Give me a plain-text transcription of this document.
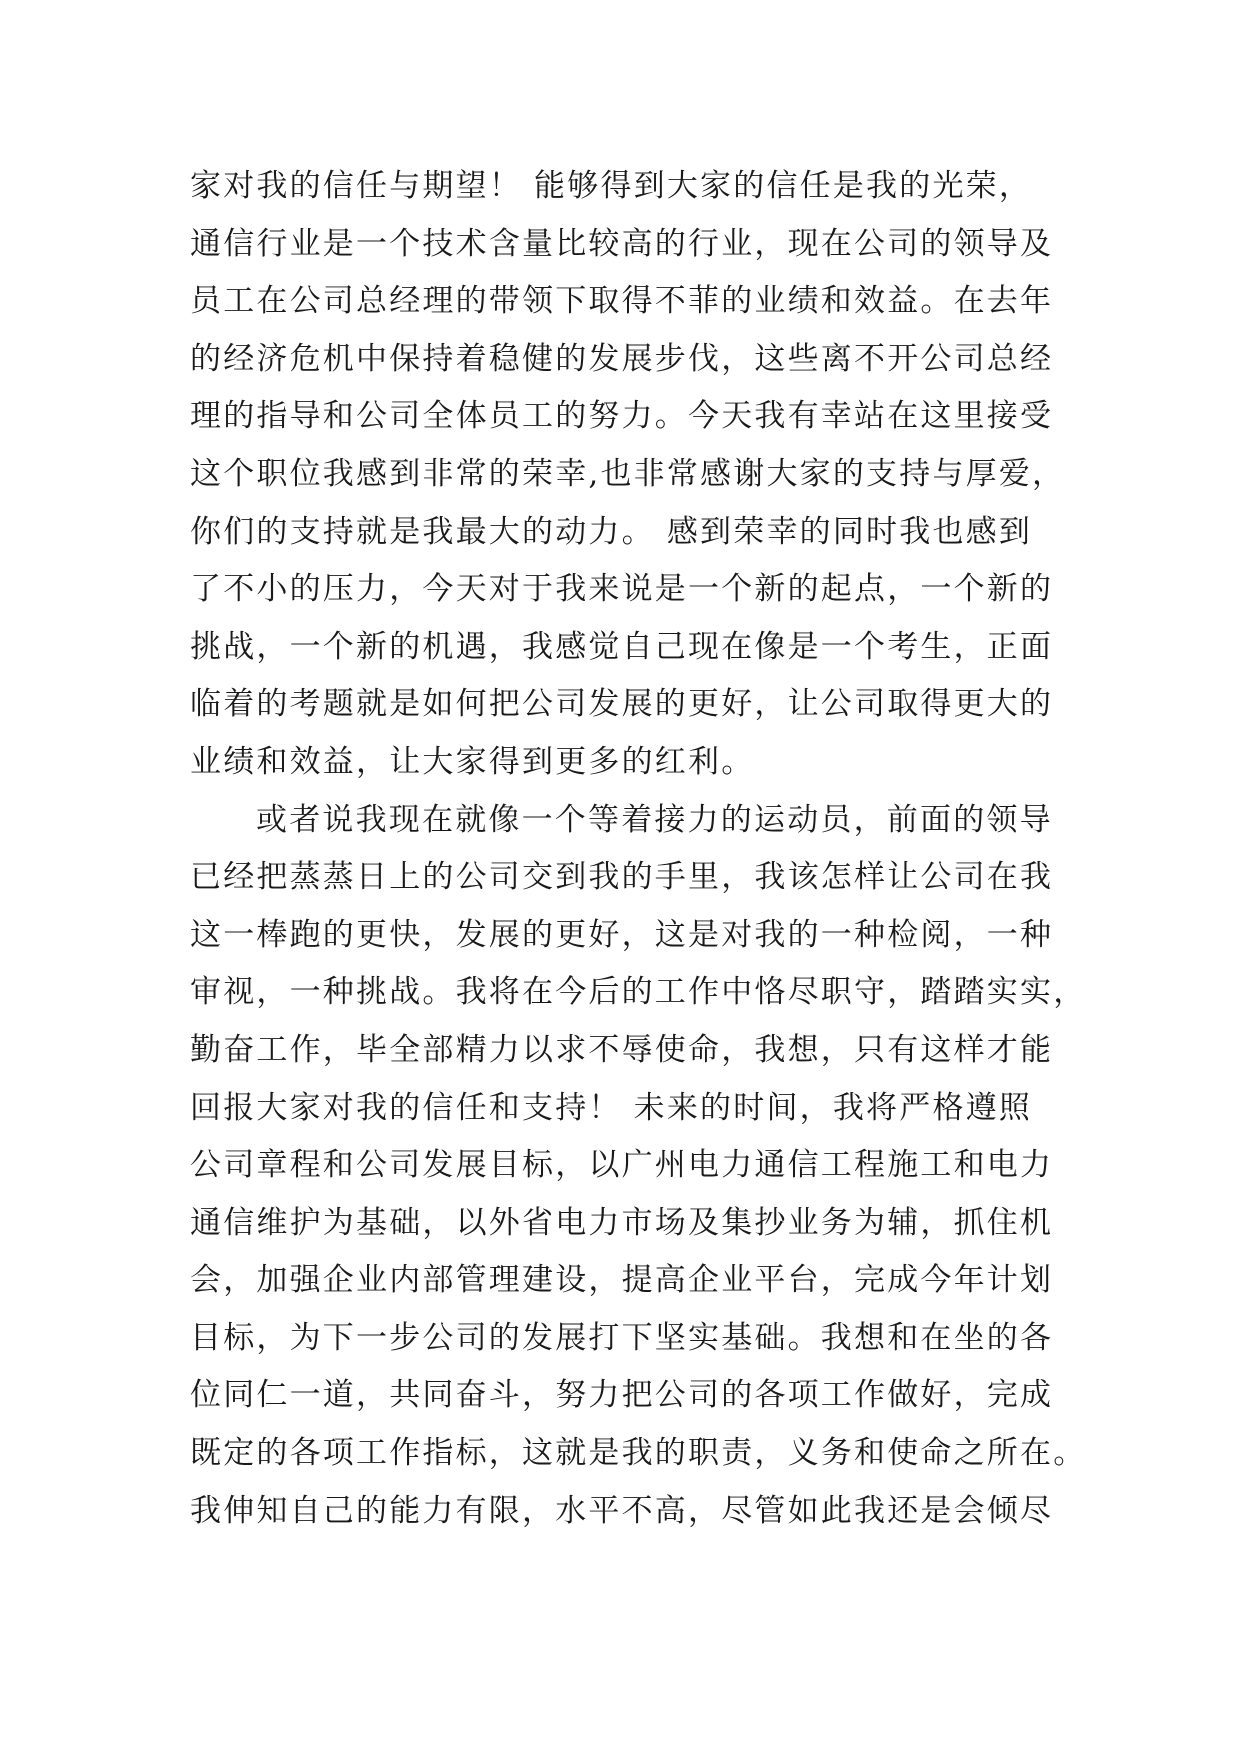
家对我的信任与期望！ 能够得到大家的信任是我的光荣，
通信行业是一个技术含量比较高的行业，现在公司的领导及
员工在公司总经理的带领下取得不菲的业绩和效益。在去年
的经济危机中保持着稳健的发展步伐，这些离不开公司总经
理的指导和公司全体员工的努力。今天我有幸站在这里接受
这个职位我感到非常的荣幸,也非常感谢大家的支持与厚爱，
你们的支持就是我最大的动力。 感到荣幸的同时我也感到
了不小的压力，今天对于我来说是一个新的起点，一个新的
挑战，一个新的机遇，我感觉自己现在像是一个考生，正面
临着的考题就是如何把公司发展的更好，让公司取得更大的
业绩和效益，让大家得到更多的红利。
或者说我现在就像一个等着接力的运动员，前面的领导
已经把蒸蒸日上的公司交到我的手里，我该怎样让公司在我
这一棒跑的更快，发展的更好，这是对我的一种检阅，一种
审视，一种挑战。我将在今后的工作中恪尽职守，踏踏实实，
勤奋工作，毕全部精力以求不辱使命，我想，只有这样才能
回报大家对我的信任和支持！ 未来的时间，我将严格遵照
公司章程和公司发展目标，以广州电力通信工程施工和电力
通信维护为基础，以外省电力市场及集抄业务为辅，抓住机
会，加强企业内部管理建设，提高企业平台，完成今年计划
目标，为下一步公司的发展打下坚实基础。我想和在坐的各
位同仁一道，共同奋斗，努力把公司的各项工作做好，完成
既定的各项工作指标，这就是我的职责，义务和使命之所在。
我伸知自己的能力有限，水平不高，尽管如此我还是会倾尽
